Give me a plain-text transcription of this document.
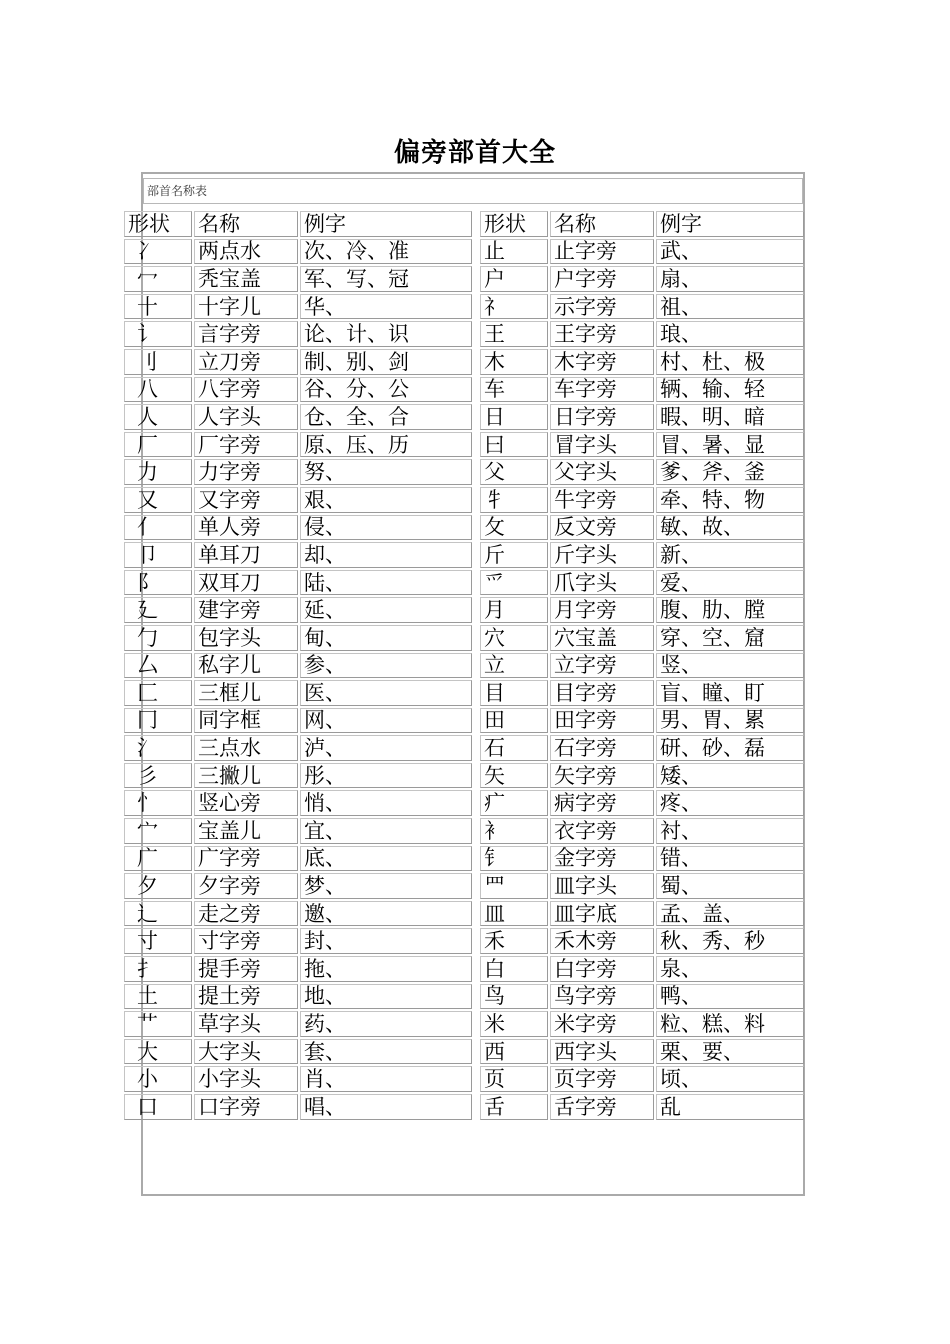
偏旁部首大全
部首名称表
形状	名称	例字		形状	名称	例字
冫	两点水	次、冷、准		止	止字旁	武、
冖	秃宝盖	军、写、冠		户	户字旁	扇、
十	十字儿	华、		礻	示字旁	祖、
讠	言字旁	论、计、识		王	王字旁	琅、
刂	立刀旁	制、别、剑		木	木字旁	村、杜、极
八	八字旁	谷、分、公		车	车字旁	辆、输、轻
人	人字头	仓、全、合		日	日字旁	暇、明、暗
厂	厂字旁	原、压、历		曰	冒字头	冒、暑、显
力	力字旁	努、		父	父字头	爹、斧、釜
又	又字旁	艰、		牜	牛字旁	牵、特、物
亻	单人旁	侵、		攵	反文旁	敏、故、
卩	单耳刀	却、		斤	斤字头	新、
阝	双耳刀	陆、		爫	爪字头	爱、
廴	建字旁	延、		月	月字旁	腹、肋、膛
勹	包字头	甸、		穴	穴宝盖	穿、空、窟
厶	私字儿	参、		立	立字旁	竖、
匚	三框儿	医、		目	目字旁	盲、瞳、盯
冂	同字框	网、		田	田字旁	男、胃、累
氵	三点水	泸、		石	石字旁	研、砂、磊
彡	三撇儿	彤、		矢	矢字旁	矮、
忄	竖心旁	悄、		疒	病字旁	疼、
宀	宝盖儿	宜、		衤	衣字旁	衬、
广	广字旁	底、		钅	金字旁	错、
夕	夕字旁	梦、		罒	皿字头	蜀、
辶	走之旁	邀、		皿	皿字底	孟、盖、
寸	寸字旁	封、		禾	禾木旁	秋、秀、秒
扌	提手旁	拖、		白	白字旁	泉、
土	提土旁	地、		鸟	鸟字旁	鸭、
艹	草字头	药、		米	米字旁	粒、糕、料
大	大字头	套、		西	西字头	栗、要、
小	小字头	肖、		页	页字旁	顷、
口	口字旁	唱、		舌	舌字旁	乱
